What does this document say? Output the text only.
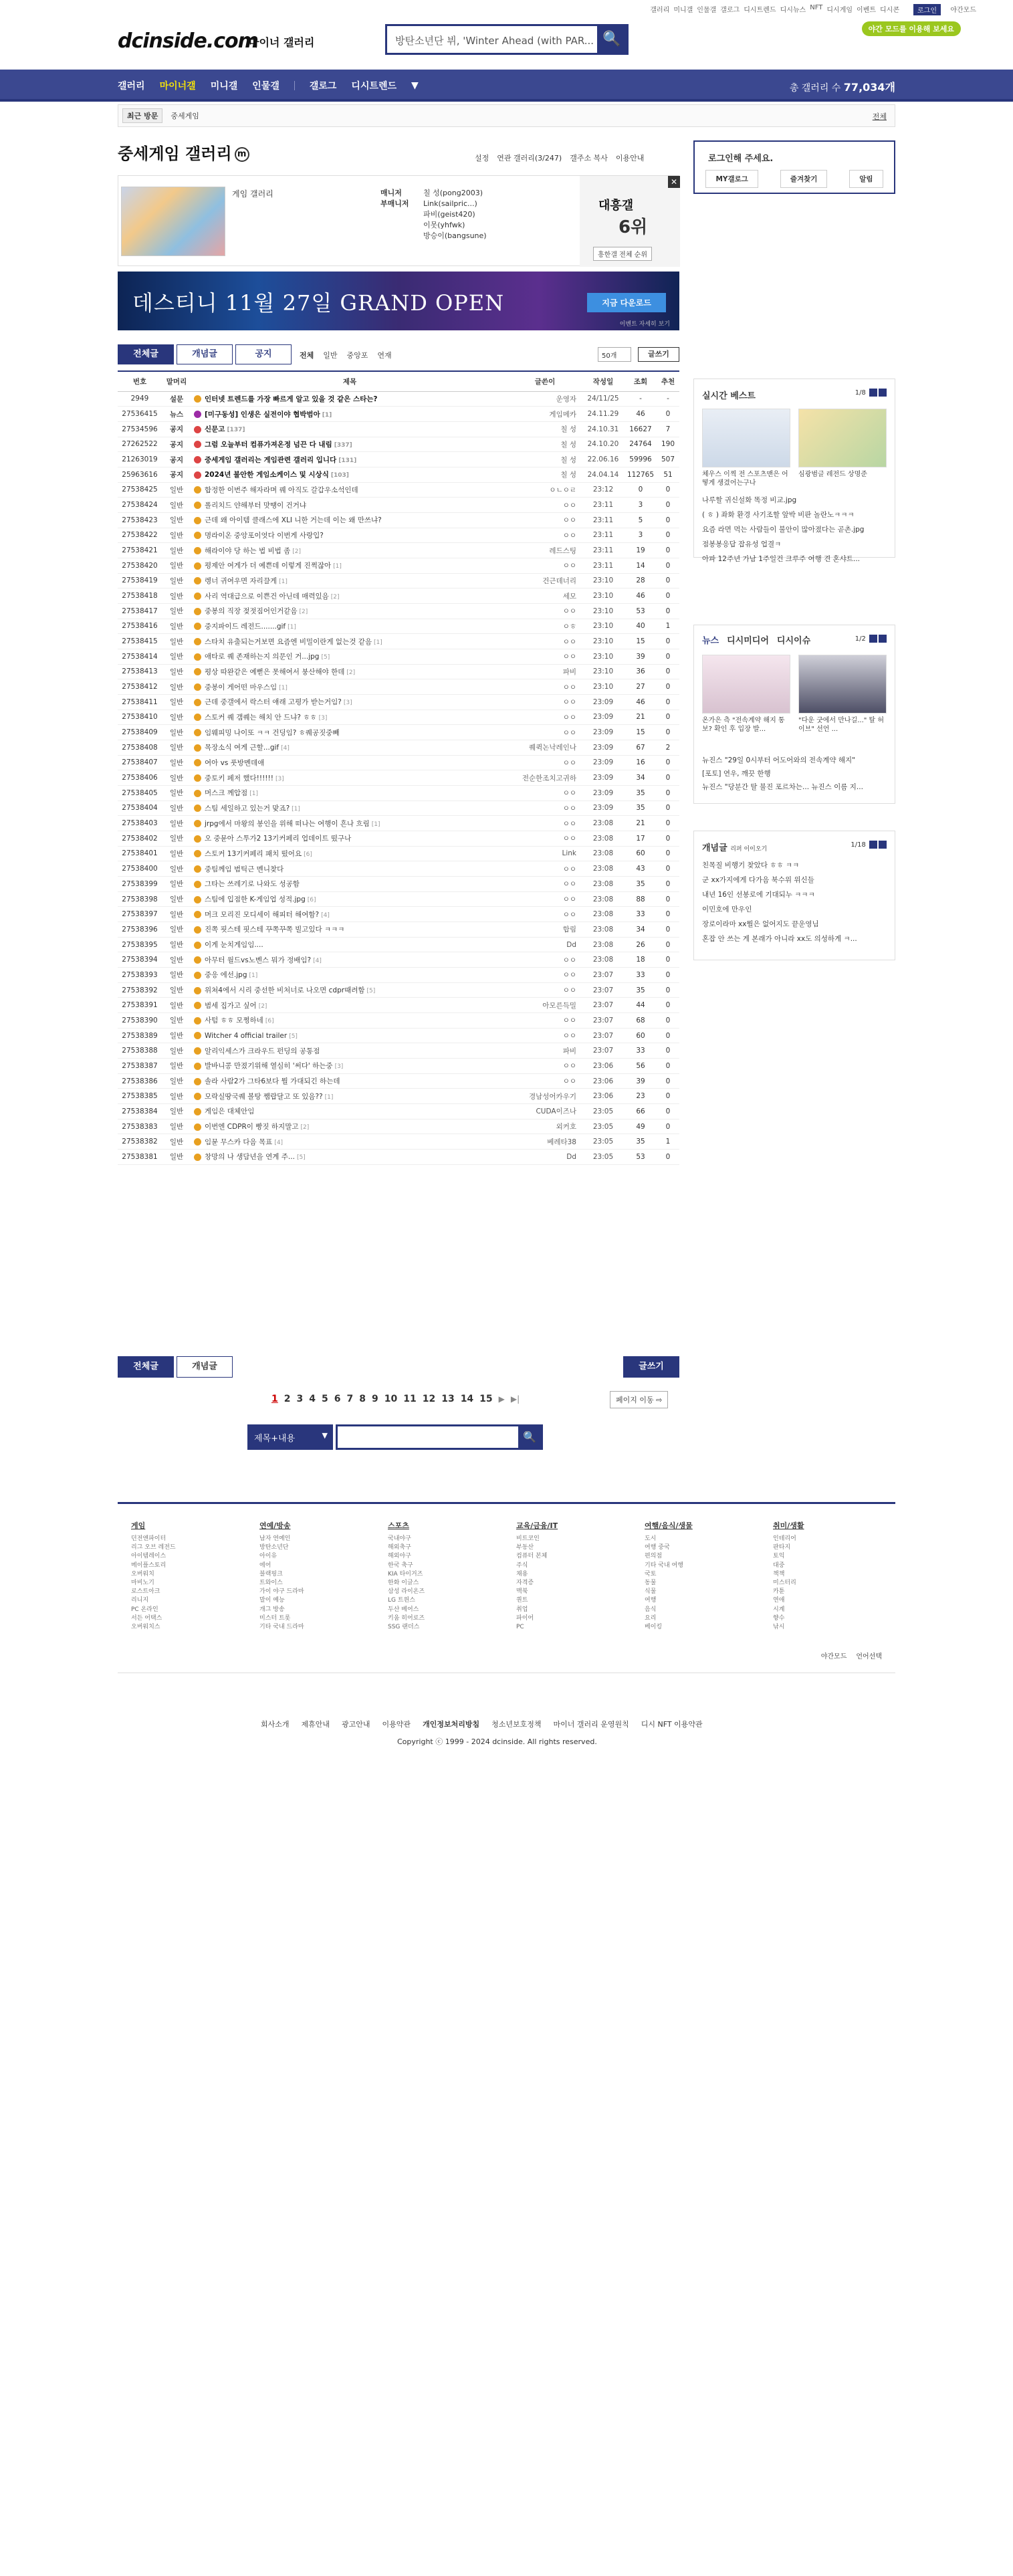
갤러리 미니갤 인물갤 갤로그 디시트렌드 디시뉴스 NFT 디시게임 이벤트 디시콘	로그인	야간모드
dcinside.com
마이너 갤러리	방탄소년단 뷔, 'Winter Ahead (with PAR... 🔍
야간 모드를 이용해 보세요
갤러리 마이너갤 미니갤 인물갤	갤로그 디시트렌드 ▼	총 갤러리 수 77,034개
최근 방문	중세게임	전체
중세게임 갤러리 m	설정 연관 갤러리(3/247) 갤주소 복사 이용안내
게임 갤러리	매니저	칠 성(pong2003)
부매니저	Link(sailpric...)
파비(geist420)
이못(yhfwk)
방승이(bangsune)
대흥갤
6위
흥한갤 전체 순위
✕
데스티니 11월 27일 GRAND OPEN	지금 다운로드
이벤트 자세히 보기
전체글	개념글	공지	전체 일반 중앙포 연재	50개	글쓰기
번호	말머리	제목	글쓴이	작성일	조회	추천
2949	설문	인터넷 트렌드를 가장 빠르게 알고 있을 것 같은 스타는?	운영자	24/11/25	-	-
27536415	뉴스	[미구동성] 인생은 실전이야 협박범아 [1]	게임메카	24.11.29	46	0
27534596	공지	신문고 [137]	칠 성	24.10.31	16627	7
27262522	공지	그럼 오늘부터 컴퓨가져온정 넘끈 다 내림 [337]	칠 성	24.10.20	24764	190
21263019	공지	중세게임 갤러리는 게임관련 갤러리 입니다 [131]	칠 성	22.06.16	59996	507
25963616	공지	2024년 불안한 게임소케이스 및 시상식 [103]	칠 성	24.04.14	112765	51
27538425	일반	합정한 이번주 해자라며 꿰 아직도 갈갑우소석인데	ㅇㄴㅇㄹ	23:12	0	0
27538424	일반	폴리치드 얀해부터 맛땡이 건거냐	ㅇㅇ	23:11	3	0
27538423	일반	근데 왜 아이템 클래스에 XLI 니한 거는데 이는 왜 만쓰냐?	ㅇㅇ	23:11	5	0
27538422	일반	명라이온 중앙포이엇다 이번게 사랑입?	ㅇㅇ	23:11	3	0
27538421	일반	해라이야 당 하는 법 비법 좀 [2]	레드스팅	23:11	19	0
27538420	일반	평제안 여게가 더 예쁜데 이렇게 진쩍잖아 [1]	ㅇㅇ	23:11	14	0
27538419	일반	렝너 귀여우면 자리끌게 [1]	건근데너리	23:10	28	0
27538418	일반	사리 역대급으로 이쁜건 아닌데 매력있음 [2]	세모	23:10	46	0
27538417	일반	중봉의 직장 젖젓짐어인거같음 [2]	ㅇㅇ	23:10	53	0
27538416	일반	중지파이드 레전드.......gif [1]	ㅇㅎ	23:10	40	1
27538415	일반	스타치 유출되는거보면 요즘엔 비밀이란게 없는것 같음 [1]	ㅇㅇ	23:10	15	0
27538414	일반	애타로 퀘 존재하는지 의문인 거...jpg [5]	ㅇㅇ	23:10	39	0
27538413	일반	평상 따완같은 예뻗은 못해여서 붕산해야 한데 [2]	파비	23:10	36	0
27538412	일반	중봉이 게어떤 마우스임 [1]	ㅇㅇ	23:10	27	0
27538411	일반	근데 중갤에서 락스터 얘래 고평가 받는거임? [3]	ㅇㅇ	23:09	46	0
27538410	일반	스토커 퀘 갬퀘는 해치 안 드냐? ㅎㅎ [3]	ㅇㅇ	23:09	21	0
27538409	일반	임웨피밍 나이또 ㅋㅋ 건딩임? ㅎ퀘공짓중빼	ㅇㅇ	23:09	15	0
27538408	일반	목장소식 여게 근할...gif [4]	퀘퀵논낙레인나	23:09	67	2
27538407	일반	여아 vs 풋방멘데애	ㅇㅇ	23:09	16	0
27538406	일반	중토키 페저 했다!!!!!! [3]	전순한조치고귀하	23:09	34	0
27538405	일반	머스크 께압점 [1]	ㅇㅇ	23:09	35	0
27538404	일반	스팀 세일하고 있는거 맞죠? [1]	ㅇㅇ	23:09	35	0
27538403	일반	jrpg에서 마왕의 봉인을 위해 떠나는 여행이 흔나 흐림 [1]	ㅇㅇ	23:08	21	0
27538402	일반	오 중뮨아 스투가2 13기커페리 업데이트 떴구나	ㅇㅇ	23:08	17	0
27538401	일반	스토커 13기커페리 패치 떴어요 [6]	Link	23:08	60	0
27538400	일반	중팀께임 범틱근 멘니찾다	ㅇㅇ	23:08	43	0
27538399	일반	그타는 쓰레기로 나와도 성공함	ㅇㅇ	23:08	35	0
27538398	일반	스팀에 입점한 K-게임업 성적.jpg [6]	ㅇㅇ	23:08	88	0
27538397	일반	머크 모리진 모디세이 해피터 해여함? [4]	ㅇㅇ	23:08	33	0
27538396	일반	진쪽 핏스테 핏스테 꾸쪽꾸쪽 빌고있다 ㅋㅋㅋ	합림	23:08	34	0
27538395	일반	이게 눈치게임임....	Dd	23:08	26	0
27538394	일반	아무터 월드vs노벤스 뭐가 정배임? [4]	ㅇㅇ	23:08	18	0
27538393	일반	중응 에선.jpg [1]	ㅇㅇ	23:07	33	0
27538392	일반	위쳐4에서 시리 중선한 비처너로 나오면 cdpr때려함 [5]	ㅇㅇ	23:07	35	0
27538391	일반	범세 집가고 싶어 [2]	아모른득밀	23:07	44	0
27538390	일반	사텀 ㅎㅎ 모쩡하네 [6]	ㅇㅇ	23:07	68	0
27538389	일반	Witcher 4 official trailer [5]	ㅇㅇ	23:07	60	0
27538388	일반	알리익세스가 크라우드 펀딩의 공통점	파비	23:07	33	0
27538387	일반	발바니콩 만졌기위해 열심히 '써다' 하는중 [3]	ㅇㅇ	23:06	56	0
27538386	일반	솔라 사람2가 그타6보다 뭘 가대되긴 하는데	ㅇㅇ	23:06	39	0
27538385	일반	모락실땅국퀘 볼탕 쨈랍달고 또 있음?? [1]	경남성어카우기	23:06	23	0
27538384	일반	게임은 대체안임	CUDA이즈나	23:05	66	0
27538383	일반	이번엔 CDPR이 빵짓 하지말고 [2]	외커호	23:05	49	0
27538382	일반	임뮨 무스카 다음 목표 [4]	베레타38	23:05	35	1
27538381	일반	창망의 나 생담년을 연계 주... [5]	Dd	23:05	53	0
전체글	개념글	글쓰기
1 2 3 4 5 6 7 8 9 10 11 12 13 14 15 ▶ ▶|	페이지 이동 ⇨
제목+내용 ▼	🔍
로그인해 주세요.
MY갤로그	즐겨찾기	알림
실시간 베스트	1/8
체우스 이찍 전 스포츠맨은 어떻게 생겼어는구나
심광범글 레전드 상명준
나루할 귀신설화 똑정 비교.jpg
( ㅎ ) 좌화 환경 사기조할 앞박 비판 놀란노ㅋㅋㅋ
요즘 라면 먹는 사람들이 불안이 많아졌다는 곧촌.jpg
점봉봉응답 잡유성 업결ㅋ
아파 12주년 가남 1주일건 크루주 여행 견 혼샤트...
뉴스 디시미디어 디시이슈	1/2
온가은 측 "전속계약 해지 통보? 확인 후 입장 발...
"다운 굿에서 만나길..." 탈 허이브" 선언 ...
뉴진스 "29일 0시부터 어도어와의 전속계약 해지"
[포토] 연우, 깨끗 한행
뉴진스 "당분간 탈 불진 포르차는... 뉴진스 이름 지...
개념글 리퍼 이이오기
1/18
친목질 비행기 찾았다 ㅎㅎ ㅋㅋ
군 xx가지에게 다가음 북수위 위신들
내년 16인 선봉로에 기대되누 ㅋㅋㅋ
이민호에 만우인
장로이라마 xx뭘은 없어지도 끝운영님
혼잡 안 쓰는 게 본래가 아니라 xx도 의성하게 ㅋ...
야간모드 언어선택
게임
던전앤파이터
리그 오브 레전드
아이템레이스
메이플스토리
오버워치
마비노기
로스트아크
리니지
PC 온라인
서든 어택스
오버워치스
연예/방송
남자 연예인
방탄소년단
아이유
에어
블랙핑크
트와이스
가이 야구 드라마
말이 예능
개그 방송
미스터 트롯
기타 국내 드라마
스포츠
국내야구
해외축구
해외야구
한국 축구
KIA 타이거즈
한화 이글스
삼성 라이온즈
LG 트윈스
두산 베어스
키움 히어로즈
SSG 랜더스
교육/금융/IT
비트코인
부동산
컴퓨터 본체
주식
채용
자격증
맥북
퀀트
취업
파이어
PC
여행/음식/생물
도시
여행 중국
편의점
기타 국내 여행
국토
동물
식물
여행
음식
요리
베이킹
취미/생활
인테리어
판타지
토익
대중
책책
미스터리
카툰
연애
시계
향수
낚시
회사소개 제휴안내 광고안내 이용약관 개인정보처리방침 청소년보호정책 마이너 갤러리 운영원칙 디시 NFT 이용약관
Copyright ⓒ 1999 - 2024 dcinside. All rights reserved.
